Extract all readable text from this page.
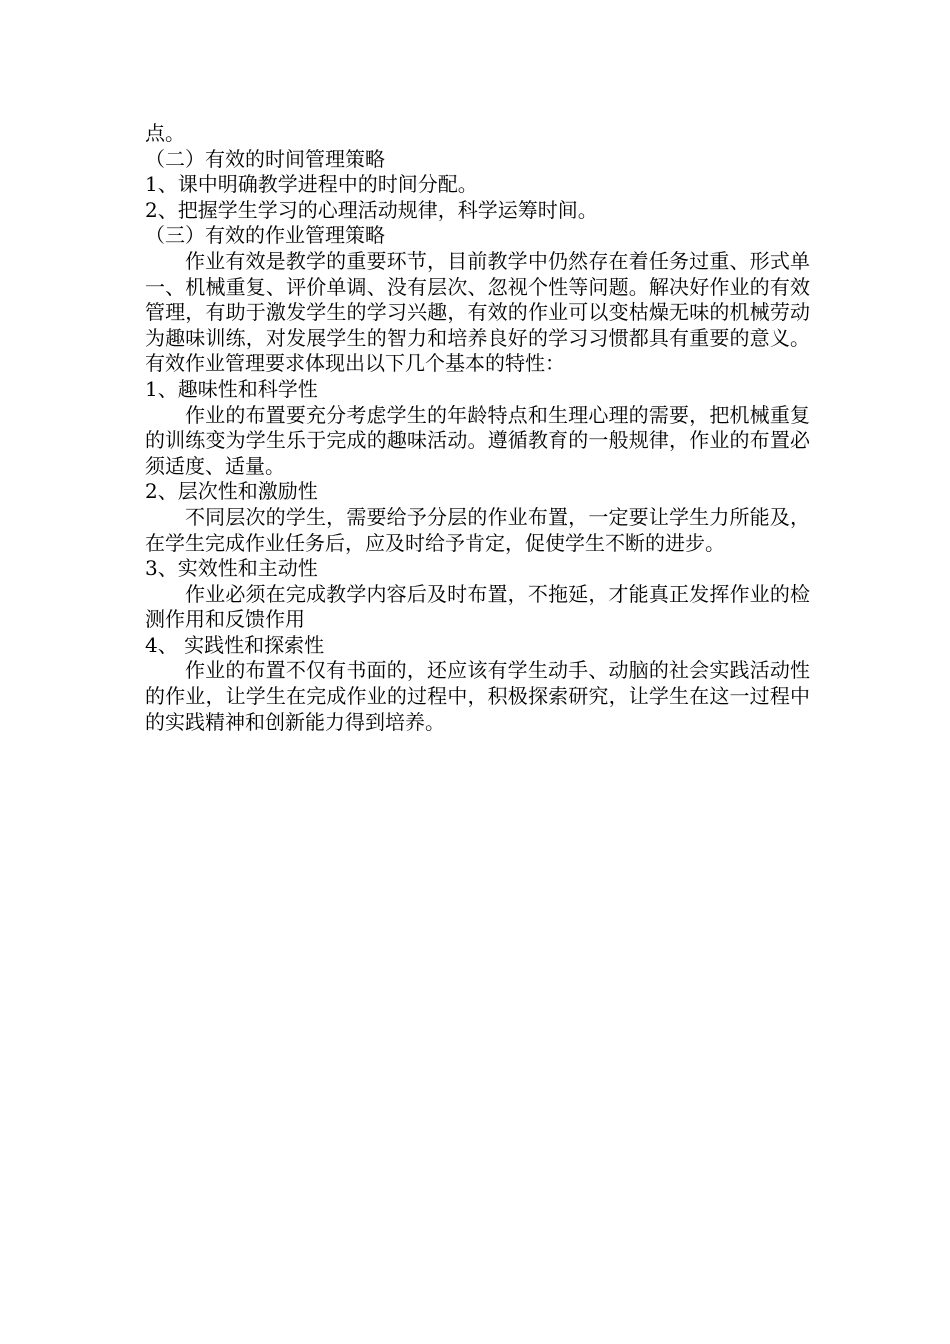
点。

（二）有效的时间管理策略

1、课中明确教学进程中的时间分配。

2、把握学生学习的心理活动规律，科学运筹时间。

（三）有效的作业管理策略

作业有效是教学的重要环节，目前教学中仍然存在着任务过重、形式单一、机械重复、评价单调、没有层次、忽视个性等问题。解决好作业的有效管理，有助于激发学生的学习兴趣，有效的作业可以变枯燥无味的机械劳动为趣味训练，对发展学生的智力和培养良好的学习习惯都具有重要的意义。有效作业管理要求体现出以下几个基本的特性：

1、趣味性和科学性

作业的布置要充分考虑学生的年龄特点和生理心理的需要，把机械重复的训练变为学生乐于完成的趣味活动。遵循教育的一般规律，作业的布置必须适度、适量。

2、层次性和激励性

不同层次的学生，需要给予分层的作业布置，一定要让学生力所能及，在学生完成作业任务后，应及时给予肯定，促使学生不断的进步。

3、实效性和主动性

作业必须在完成教学内容后及时布置，不拖延，才能真正发挥作业的检测作用和反馈作用

4、 实践性和探索性

作业的布置不仅有书面的，还应该有学生动手、动脑的社会实践活动性的作业，让学生在完成作业的过程中，积极探索研究，让学生在这一过程中的实践精神和创新能力得到培养。
